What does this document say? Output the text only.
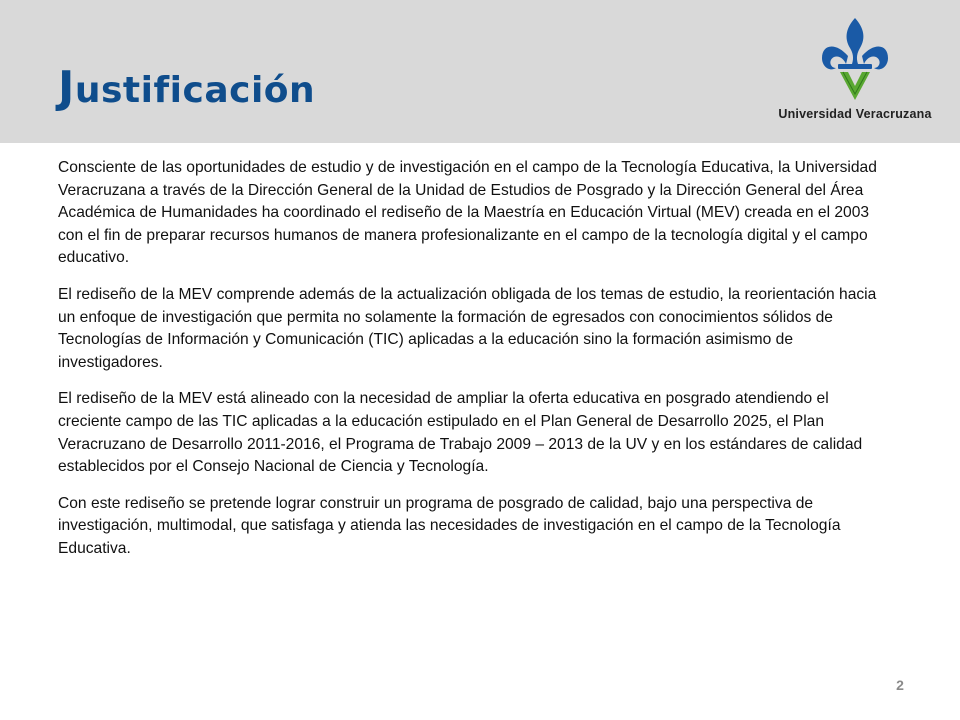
Justificación
Universidad Veracruzana

Consciente de las oportunidades de estudio y de investigación en el campo de la Tecnología Educativa, la Universidad Veracruzana a través de la Dirección General de la Unidad de Estudios de Posgrado y la Dirección General del Área Académica de Humanidades ha coordinado el rediseño de la Maestría en Educación Virtual (MEV) creada en el 2003 con el fin de preparar recursos humanos de manera profesionalizante en el campo de la tecnología digital y el campo educativo.

El rediseño de la MEV comprende además de la actualización obligada de los temas de estudio, la reorientación hacia un enfoque de investigación que permita no solamente la formación de egresados con conocimientos sólidos de Tecnologías de Información y Comunicación (TIC) aplicadas a la educación sino la formación asimismo de investigadores.

El rediseño de la MEV está alineado con la necesidad de ampliar la oferta educativa en posgrado atendiendo el creciente campo de las TIC aplicadas a la educación estipulado en el Plan General de Desarrollo 2025, el Plan Veracruzano de Desarrollo 2011-2016, el Programa de Trabajo 2009 – 2013 de la UV y en los estándares de calidad establecidos por el Consejo Nacional de Ciencia y Tecnología.

Con este rediseño se pretende lograr construir un programa de posgrado de calidad, bajo una perspectiva de investigación, multimodal, que satisfaga y atienda las necesidades de investigación en el campo de la Tecnología Educativa.

2
